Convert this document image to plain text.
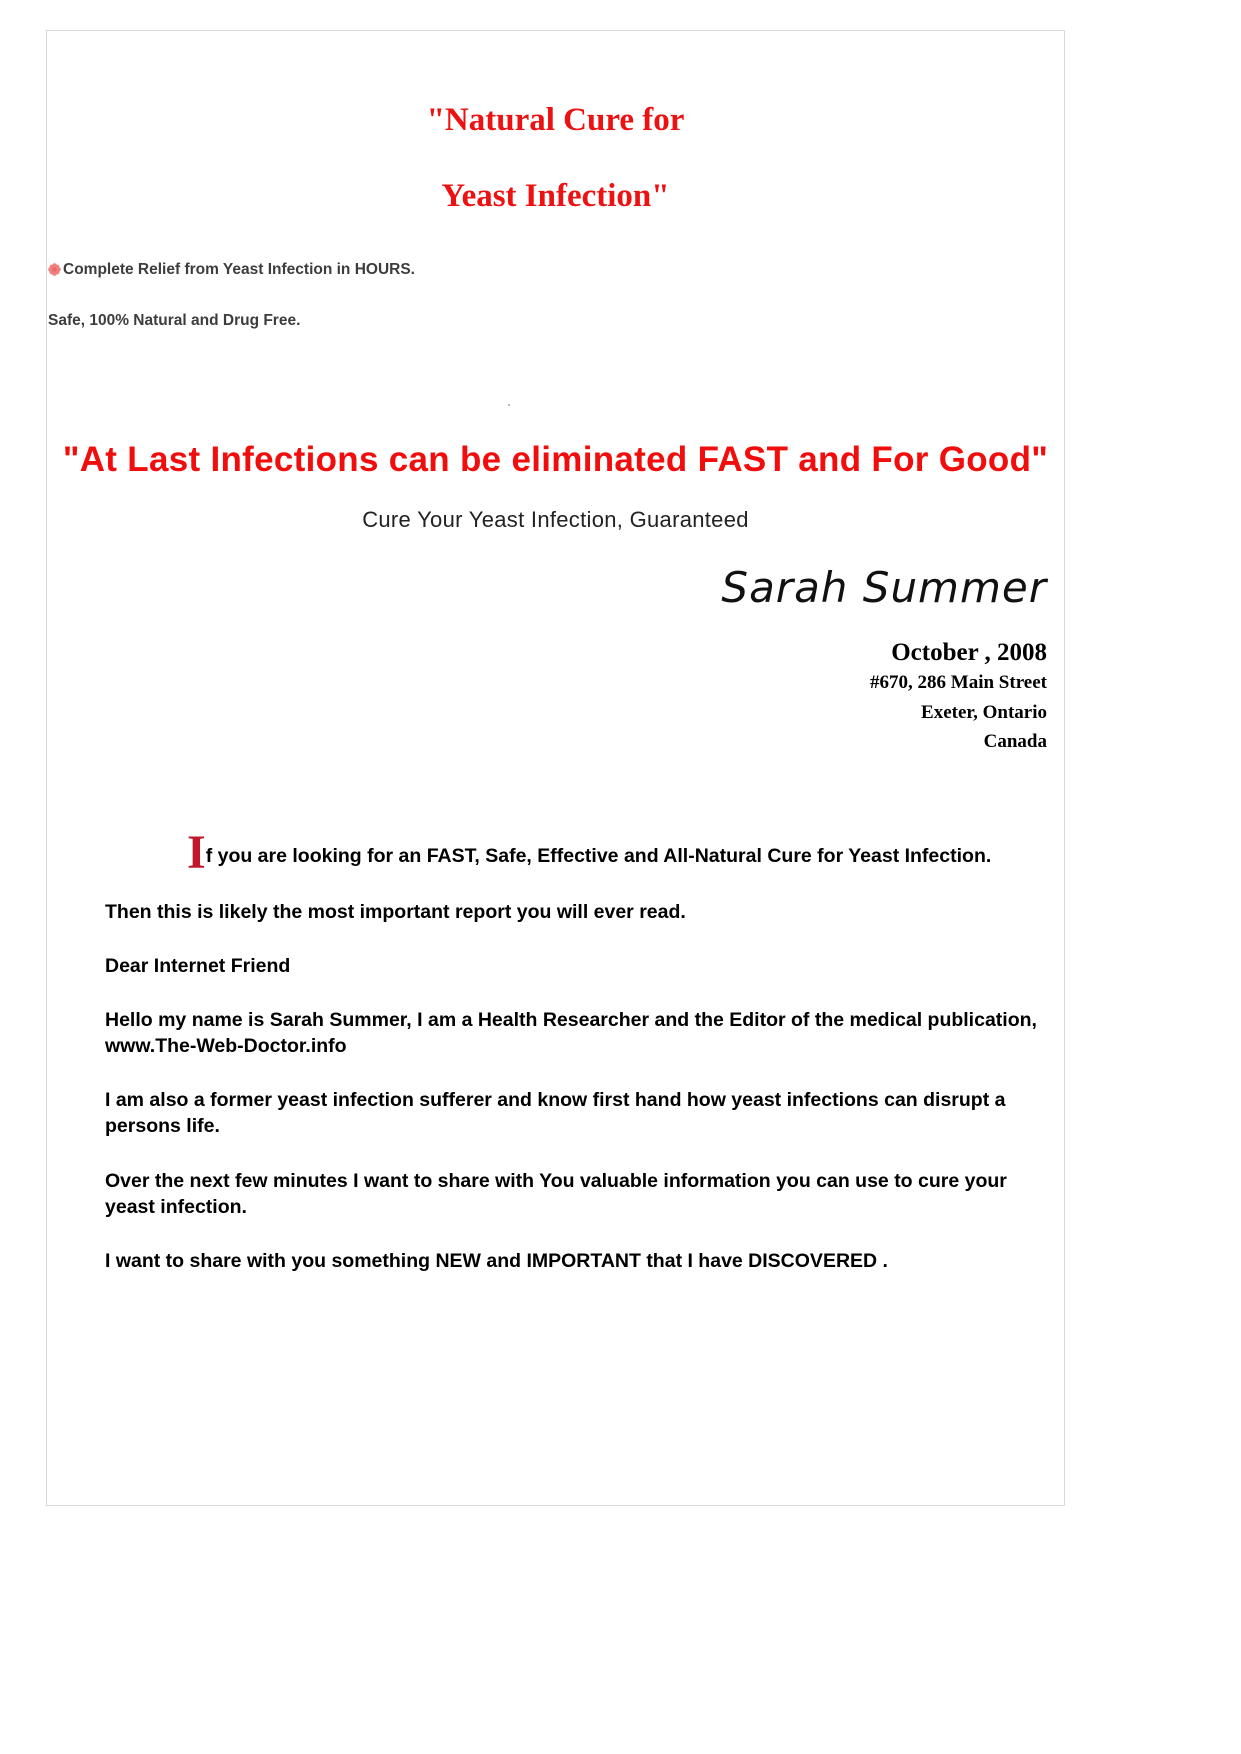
"Natural Cure for
Yeast Infection"
Complete Relief from Yeast Infection in HOURS.
Safe, 100% Natural and Drug Free.
"At Last Infections can be eliminated FAST and For Good"
Cure Your Yeast Infection, Guaranteed
Sarah Summer
October , 2008
#670, 286 Main Street
Exeter, Ontario
Canada

If you are looking for an FAST, Safe, Effective and All-Natural Cure for Yeast Infection.

Then this is likely the most important report you will ever read.

Dear Internet Friend

Hello my name is Sarah Summer, I am a Health Researcher and the Editor of the medical publication, www.The-Web-Doctor.info

I am also a former yeast infection sufferer and know first hand how yeast infections can disrupt a persons life.

Over the next few minutes I want to share with You valuable information you can use to cure your yeast infection.

I want to share with you something NEW and IMPORTANT that I have DISCOVERED .
